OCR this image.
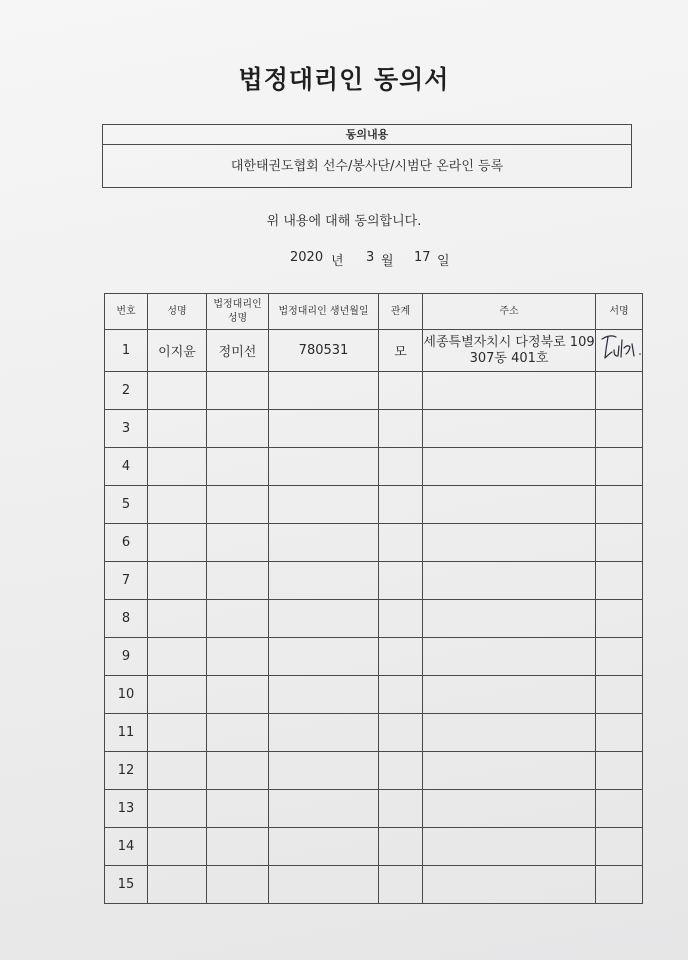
법정대리인 동의서
동의내용
대한태권도협회 선수/봉사단/시범단 온라인 등록
위 내용에 대해 동의합니다.
2020 년 3 월 17 일
번호	성명	법정대리인 성명	법정대리인 생년월일	관계	주소	서명
1	이지윤	정미선	780531	모	세종특별자치시 다정북로 109 307동 401호	
2						
3						
4						
5						
6						
7						
8						
9						
10						
11						
12						
13						
14						
15						
